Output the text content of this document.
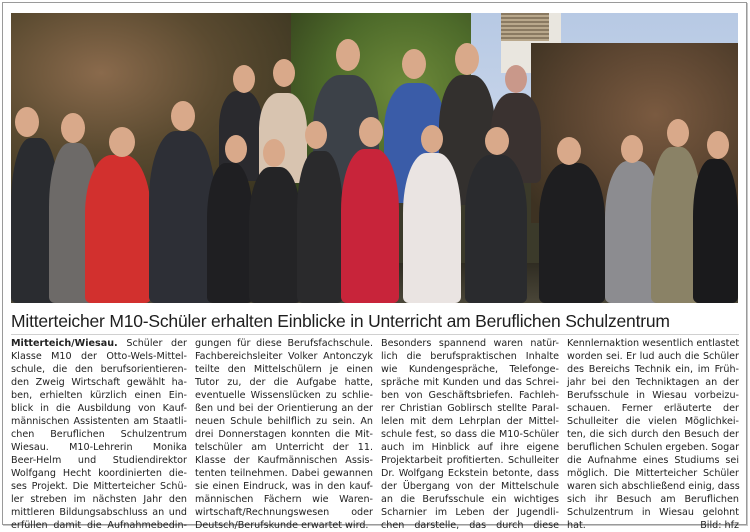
Mitterteicher M10-Schüler erhalten Einblicke in Unterricht am Beruflichen Schulzentrum
Mitterteich/Wiesau. Schüler der
Klasse M10 der Otto-Wels-Mittel-
schule, die den berufsorientieren-
den Zweig Wirtschaft gewählt ha-
ben, erhielten kürzlich einen Ein-
blick in die Ausbildung von Kauf-
männischen Assistenten am Staatli-
chen Beruflichen Schulzentrum
Wiesau. M10-Lehrerin Monika
Beer-Helm und Studiendirektor
Wolfgang Hecht koordinierten die-
ses Projekt. Die Mitterteicher Schü-
ler streben im nächsten Jahr den
mittleren Bildungsabschluss an und
erfüllen damit die Aufnahmebedin-
gungen für diese Berufsfachschule.
Fachbereichsleiter Volker Antonczyk
teilte den Mittelschülern je einen
Tutor zu, der die Aufgabe hatte,
eventuelle Wissenslücken zu schlie-
ßen und bei der Orientierung an der
neuen Schule behilflich zu sein. An
drei Donnerstagen konnten die Mit-
telschüler am Unterricht der 11.
Klasse der Kaufmännischen Assis-
tenten teilnehmen. Dabei gewannen
sie einen Eindruck, was in den kauf-
männischen Fächern wie Waren-
wirtschaft/Rechnungswesen oder
Deutsch/Berufskunde erwartet wird.
Besonders spannend waren natür-
lich die berufspraktischen Inhalte
wie Kundengespräche, Telefonge-
spräche mit Kunden und das Schrei-
ben von Geschäftsbriefen. Fachleh-
rer Christian Goblirsch stellte Paral-
lelen mit dem Lehrplan der Mittel-
schule fest, so dass die M10-Schüler
auch im Hinblick auf ihre eigene
Projektarbeit profitierten. Schulleiter
Dr. Wolfgang Eckstein betonte, dass
der Übergang von der Mittelschule
an die Berufsschule ein wichtiges
Scharnier im Leben der Jugendli-
chen darstelle, das durch diese
Kennlernaktion wesentlich entlastet
worden sei. Er lud auch die Schüler
des Bereichs Technik ein, im Früh-
jahr bei den Techniktagen an der
Berufsschule in Wiesau vorbeizu-
schauen. Ferner erläuterte der
Schulleiter die vielen Möglichkei-
ten, die sich durch den Besuch der
beruflichen Schulen ergeben. Sogar
die Aufnahme eines Studiums sei
möglich. Die Mitterteicher Schüler
waren sich abschließend einig, dass
sich ihr Besuch am Beruflichen
Schulzentrum in Wiesau gelohnt
hat.	Bild: hfz
